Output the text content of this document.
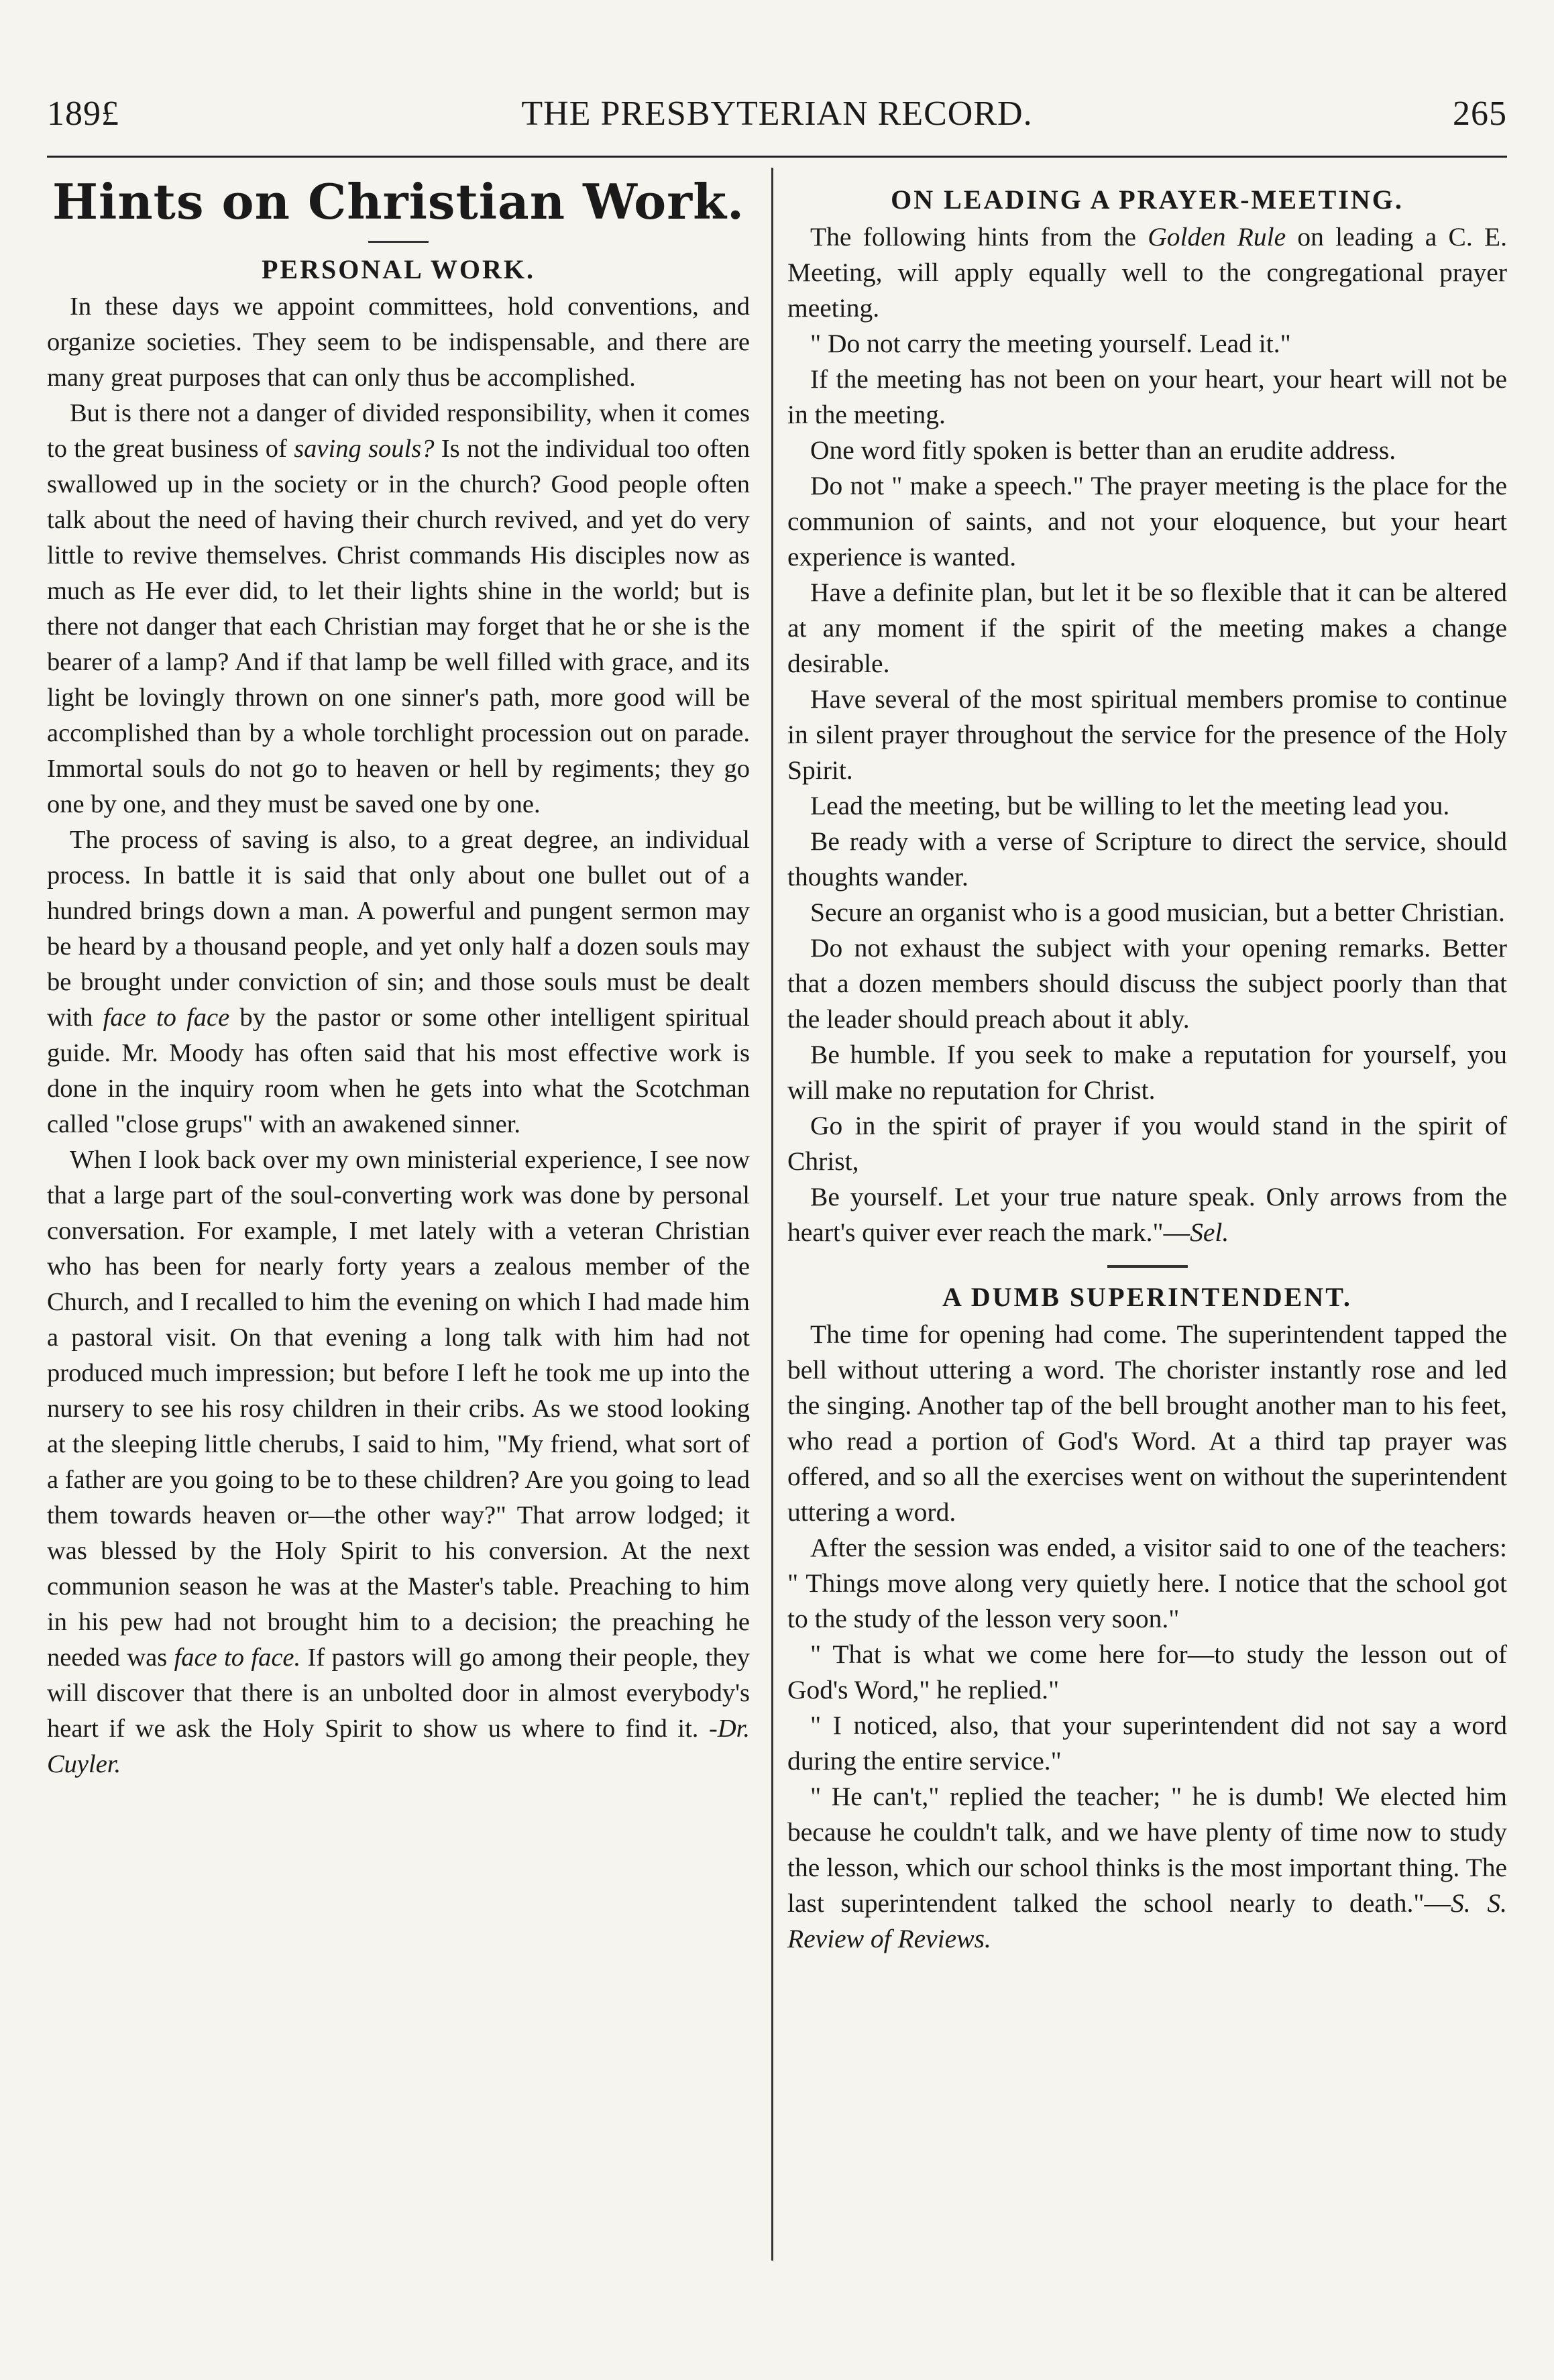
189£	THE PRESBYTERIAN RECORD.	265
Hints on Christian Work.
PERSONAL WORK.

In these days we appoint committees, hold conventions, and organize societies. They seem to be indispensable, and there are many great purposes that can only thus be accomplished.

But is there not a danger of divided responsibility, when it comes to the great business of saving souls? Is not the individual too often swallowed up in the society or in the church? Good people often talk about the need of having their church revived, and yet do very little to revive themselves. Christ commands His disciples now as much as He ever did, to let their lights shine in the world; but is there not danger that each Christian may forget that he or she is the bearer of a lamp? And if that lamp be well filled with grace, and its light be lovingly thrown on one sinner's path, more good will be accomplished than by a whole torchlight procession out on parade. Immortal souls do not go to heaven or hell by regiments; they go one by one, and they must be saved one by one.

The process of saving is also, to a great degree, an individual process. In battle it is said that only about one bullet out of a hundred brings down a man. A powerful and pungent sermon may be heard by a thousand people, and yet only half a dozen souls may be brought under conviction of sin; and those souls must be dealt with face to face by the pastor or some other intelligent spiritual guide. Mr. Moody has often said that his most effective work is done in the inquiry room when he gets into what the Scotchman called "close grups" with an awakened sinner.

When I look back over my own ministerial experience, I see now that a large part of the soul-converting work was done by personal conversation. For example, I met lately with a veteran Christian who has been for nearly forty years a zealous member of the Church, and I recalled to him the evening on which I had made him a pastoral visit. On that evening a long talk with him had not produced much impression; but before I left he took me up into the nursery to see his rosy children in their cribs. As we stood looking at the sleeping little cherubs, I said to him, "My friend, what sort of a father are you going to be to these children? Are you going to lead them towards heaven or—the other way?" That arrow lodged; it was blessed by the Holy Spirit to his conversion. At the next communion season he was at the Master's table. Preaching to him in his pew had not brought him to a decision; the preaching he needed was face to face. If pastors will go among their people, they will discover that there is an unbolted door in almost everybody's heart if we ask the Holy Spirit to show us where to find it. -Dr. Cuyler.

ON LEADING A PRAYER-MEETING.

The following hints from the Golden Rule on leading a C. E. Meeting, will apply equally well to the congregational prayer meeting.

" Do not carry the meeting yourself. Lead it."

If the meeting has not been on your heart, your heart will not be in the meeting.

One word fitly spoken is better than an erudite address.

Do not " make a speech." The prayer meeting is the place for the communion of saints, and not your eloquence, but your heart experience is wanted.

Have a definite plan, but let it be so flexible that it can be altered at any moment if the spirit of the meeting makes a change desirable.

Have several of the most spiritual members promise to continue in silent prayer throughout the service for the presence of the Holy Spirit.

Lead the meeting, but be willing to let the meeting lead you.

Be ready with a verse of Scripture to direct the service, should thoughts wander.

Secure an organist who is a good musician, but a better Christian.

Do not exhaust the subject with your opening remarks. Better that a dozen members should discuss the subject poorly than that the leader should preach about it ably.

Be humble. If you seek to make a reputation for yourself, you will make no reputation for Christ.

Go in the spirit of prayer if you would stand in the spirit of Christ,

Be yourself. Let your true nature speak. Only arrows from the heart's quiver ever reach the mark."—Sel.

A DUMB SUPERINTENDENT.

The time for opening had come. The superintendent tapped the bell without uttering a word. The chorister instantly rose and led the singing. Another tap of the bell brought another man to his feet, who read a portion of God's Word. At a third tap prayer was offered, and so all the exercises went on without the superintendent uttering a word.

After the session was ended, a visitor said to one of the teachers: " Things move along very quietly here. I notice that the school got to the study of the lesson very soon."

" That is what we come here for—to study the lesson out of God's Word," he replied."

" I noticed, also, that your superintendent did not say a word during the entire service."

" He can't," replied the teacher; " he is dumb! We elected him because he couldn't talk, and we have plenty of time now to study the lesson, which our school thinks is the most important thing. The last superintendent talked the school nearly to death."—S. S. Review of Reviews.
